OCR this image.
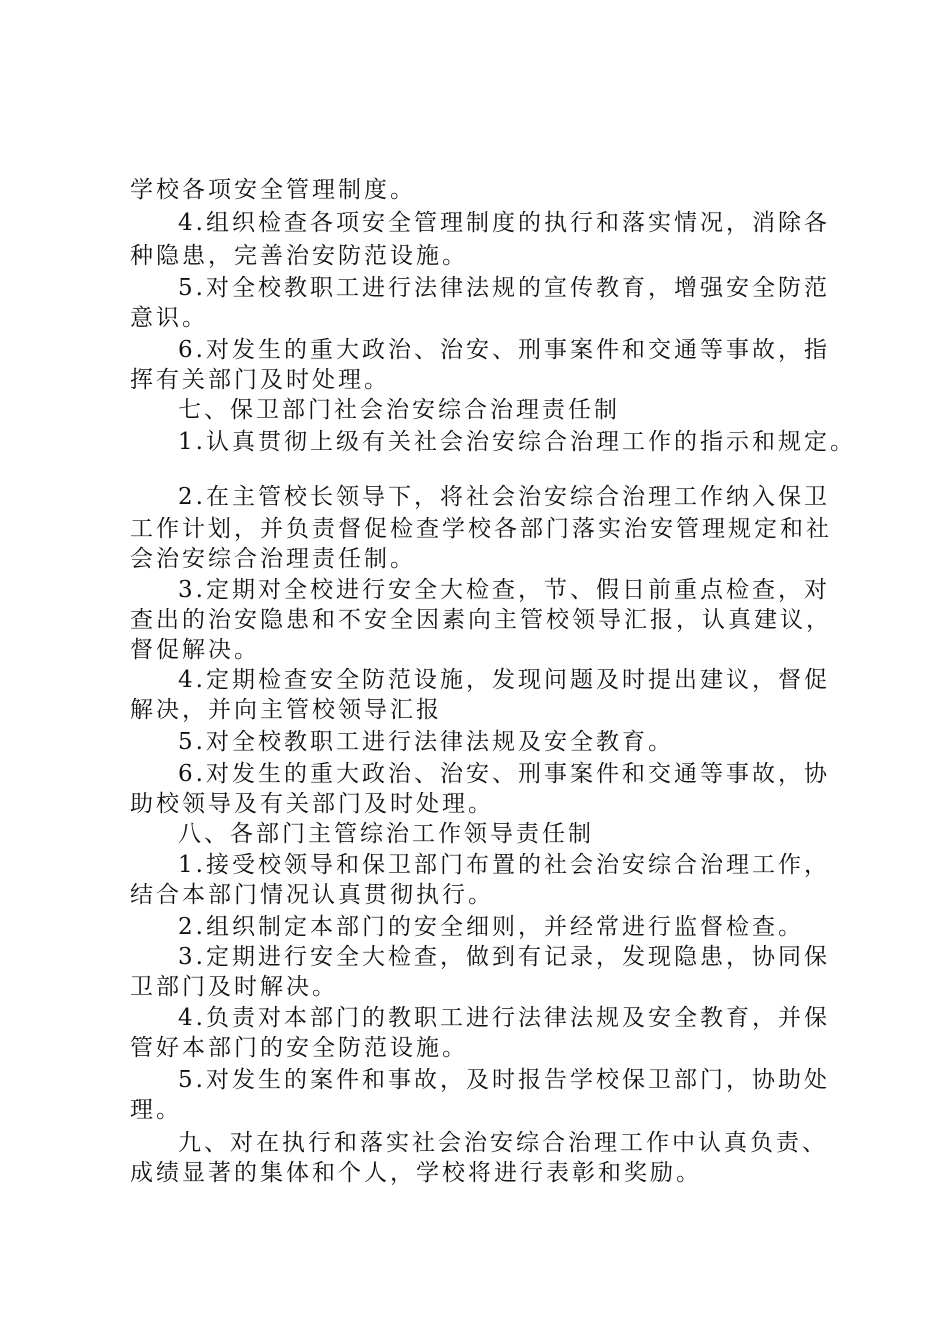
学校各项安全管理制度。

4.组织检查各项安全管理制度的执行和落实情况，消除各

种隐患，完善治安防范设施。

5.对全校教职工进行法律法规的宣传教育，增强安全防范

意识。

6.对发生的重大政治、治安、刑事案件和交通等事故，指

挥有关部门及时处理。

七、保卫部门社会治安综合治理责任制

1.认真贯彻上级有关社会治安综合治理工作的指示和规定。

2.在主管校长领导下，将社会治安综合治理工作纳入保卫

工作计划，并负责督促检查学校各部门落实治安管理规定和社

会治安综合治理责任制。

3.定期对全校进行安全大检查，节、假日前重点检查，对

查出的治安隐患和不安全因素向主管校领导汇报，认真建议，

督促解决。

4.定期检查安全防范设施，发现问题及时提出建议，督促

解决，并向主管校领导汇报

5.对全校教职工进行法律法规及安全教育。

6.对发生的重大政治、治安、刑事案件和交通等事故，协

助校领导及有关部门及时处理。

八、各部门主管综治工作领导责任制

1.接受校领导和保卫部门布置的社会治安综合治理工作，

结合本部门情况认真贯彻执行。

2.组织制定本部门的安全细则，并经常进行监督检查。

3.定期进行安全大检查，做到有记录，发现隐患，协同保

卫部门及时解决。

4.负责对本部门的教职工进行法律法规及安全教育，并保

管好本部门的安全防范设施。

5.对发生的案件和事故，及时报告学校保卫部门，协助处

理。

九、对在执行和落实社会治安综合治理工作中认真负责、

成绩显著的集体和个人，学校将进行表彰和奖励。
